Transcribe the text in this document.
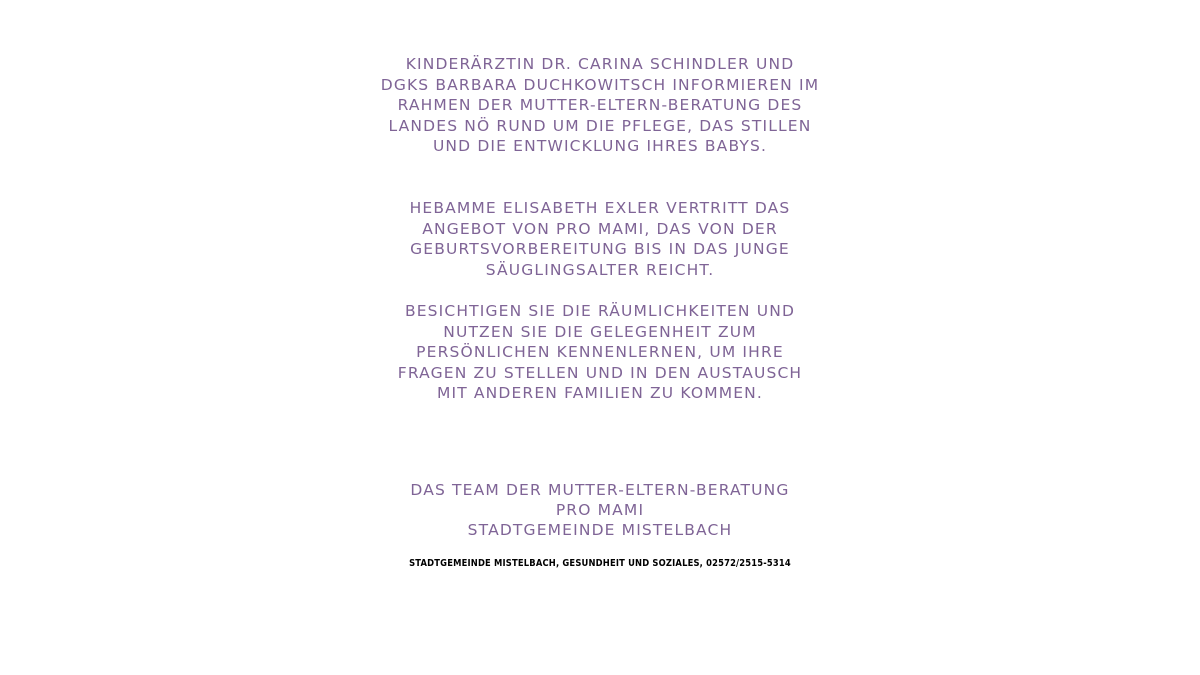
KINDERÄRZTIN DR. CARINA SCHINDLER UND DGKS BARBARA DUCHKOWITSCH INFORMIEREN IM RAHMEN DER MUTTER-ELTERN-BERATUNG DES LANDES NÖ RUND UM DIE PFLEGE, DAS STILLEN UND DIE ENTWICKLUNG IHRES BABYS.

HEBAMME ELISABETH EXLER VERTRITT DAS ANGEBOT VON PRO MAMI, DAS VON DER GEBURTSVORBEREITUNG BIS IN DAS JUNGE SÄUGLINGSALTER REICHT.

BESICHTIGEN SIE DIE RÄUMLICHKEITEN UND NUTZEN SIE DIE GELEGENHEIT ZUM PERSÖNLICHEN KENNENLERNEN, UM IHRE FRAGEN ZU STELLEN UND IN DEN AUSTAUSCH MIT ANDEREN FAMILIEN ZU KOMMEN.

DAS TEAM DER MUTTER-ELTERN-BERATUNG
PRO MAMI
STADTGEMEINDE MISTELBACH
STADTGEMEINDE MISTELBACH, GESUNDHEIT UND SOZIALES, 02572/2515-5314
